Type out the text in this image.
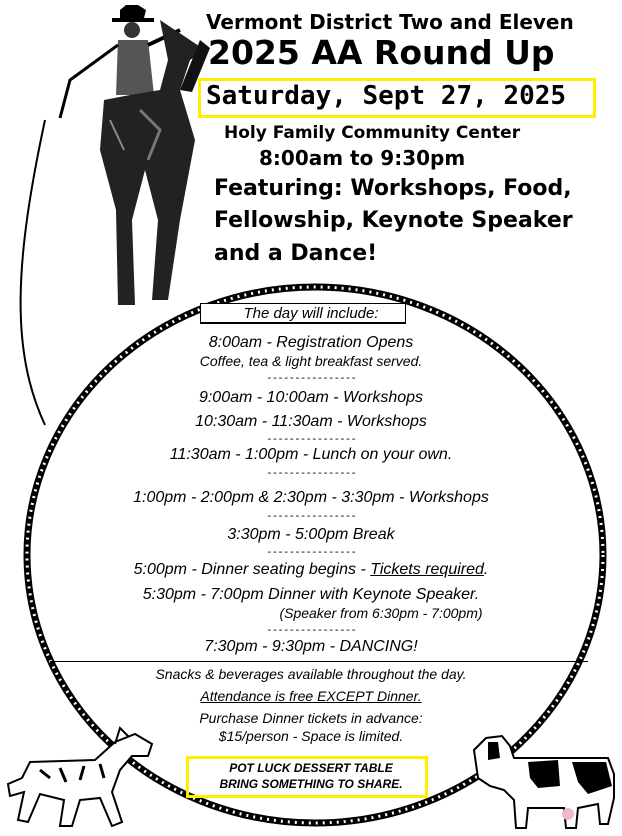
Vermont District Two and Eleven
2025 AA Round Up
Saturday, Sept 27, 2025
Holy Family Community Center
8:00am to 9:30pm
Featuring: Workshops, Food,
Fellowship, Keynote Speaker
and a Dance!
The day will include:
8:00am - Registration Opens
Coffee, tea & light breakfast served.
----------------
9:00am - 10:00am - Workshops
10:30am - 11:30am - Workshops
----------------
11:30am - 1:00pm - Lunch on your own.
----------------
1:00pm - 2:00pm & 2:30pm - 3:30pm - Workshops
----------------
3:30pm - 5:00pm Break
----------------
5:00pm - Dinner seating begins - Tickets required.
5:30pm - 7:00pm Dinner with Keynote Speaker.
(Speaker from 6:30pm - 7:00pm)
----------------
7:30pm - 9:30pm - DANCING!
Snacks & beverages available throughout the day.
Attendance is free EXCEPT Dinner.
Purchase Dinner tickets in advance:
$15/person - Space is limited.
POT LUCK DESSERT TABLE
BRING SOMETHING TO SHARE.
